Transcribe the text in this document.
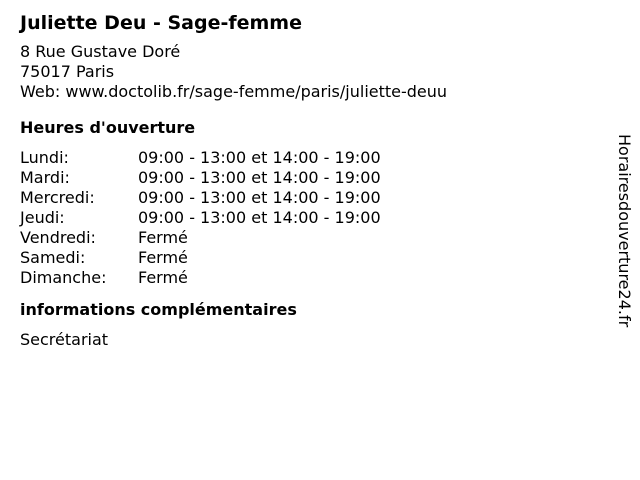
Juliette Deu - Sage-femme
8 Rue Gustave Doré
75017 Paris
Web: www.doctolib.fr/sage-femme/paris/juliette-deuu
Heures d'ouverture
Lundi:	09:00 - 13:00 et 14:00 - 19:00
Mardi:	09:00 - 13:00 et 14:00 - 19:00
Mercredi:	09:00 - 13:00 et 14:00 - 19:00
Jeudi:	09:00 - 13:00 et 14:00 - 19:00
Vendredi:	Fermé
Samedi:	Fermé
Dimanche:	Fermé
informations complémentaires
Secrétariat
Horairesdouverture24.fr
